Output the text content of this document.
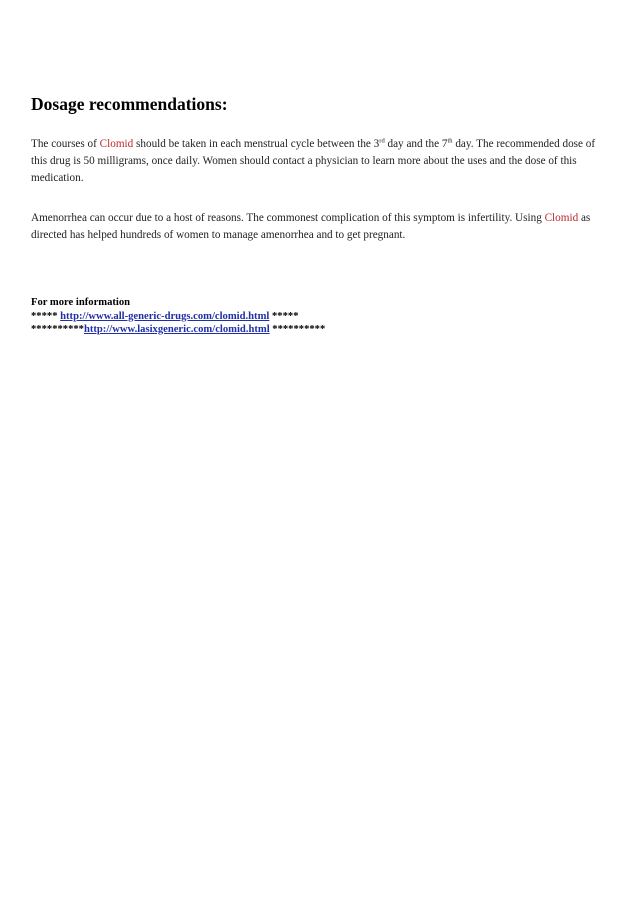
Dosage recommendations:

The courses of Clomid should be taken in each menstrual cycle between the 3rd day and the 7th day. The recommended dose of this drug is 50 milligrams, once daily. Women should contact a physician to learn more about the uses and the dose of this medication.

Amenorrhea can occur due to a host of reasons. The commonest complication of this symptom is infertility. Using Clomid as directed has helped hundreds of women to manage amenorrhea and to get pregnant.

For more information
***** http://www.all-generic-drugs.com/clomid.html *****
**********http://www.lasixgeneric.com/clomid.html **********
